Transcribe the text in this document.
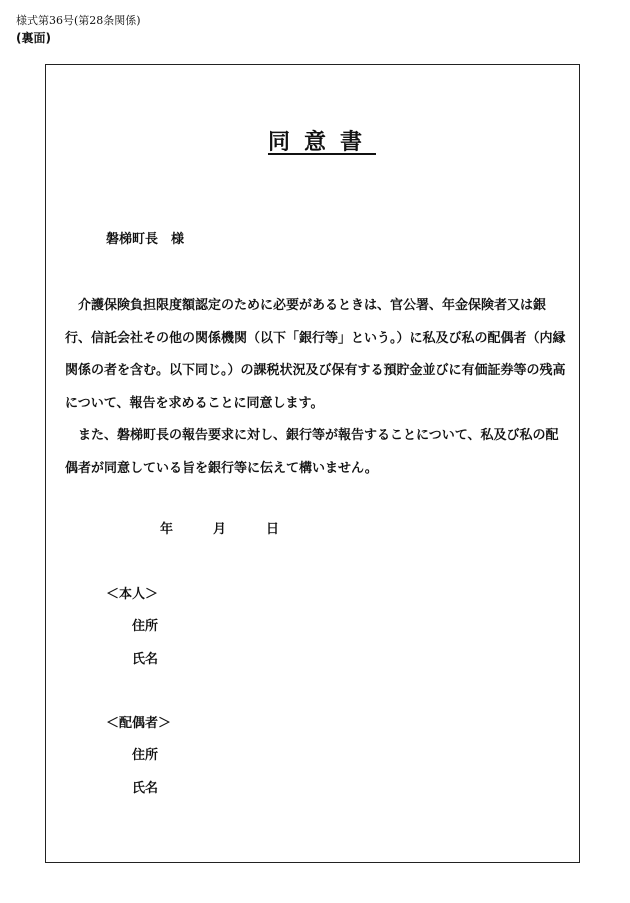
様式第36号(第28条関係)
(裏面)
同意書
磐梯町長　様

介護保険負担限度額認定のために必要があるときは、官公署、年金保険者又は銀行、信託会社その他の関係機関（以下「銀行等」という。）に私及び私の配偶者（内縁関係の者を含む。以下同じ。）の課税状況及び保有する預貯金並びに有価証券等の残高について、報告を求めることに同意します。

また、磐梯町長の報告要求に対し、銀行等が報告することについて、私及び私の配偶者が同意している旨を銀行等に伝えて構いません。

年	月	日
＜本人＞
住所
氏名
＜配偶者＞
住所
氏名
